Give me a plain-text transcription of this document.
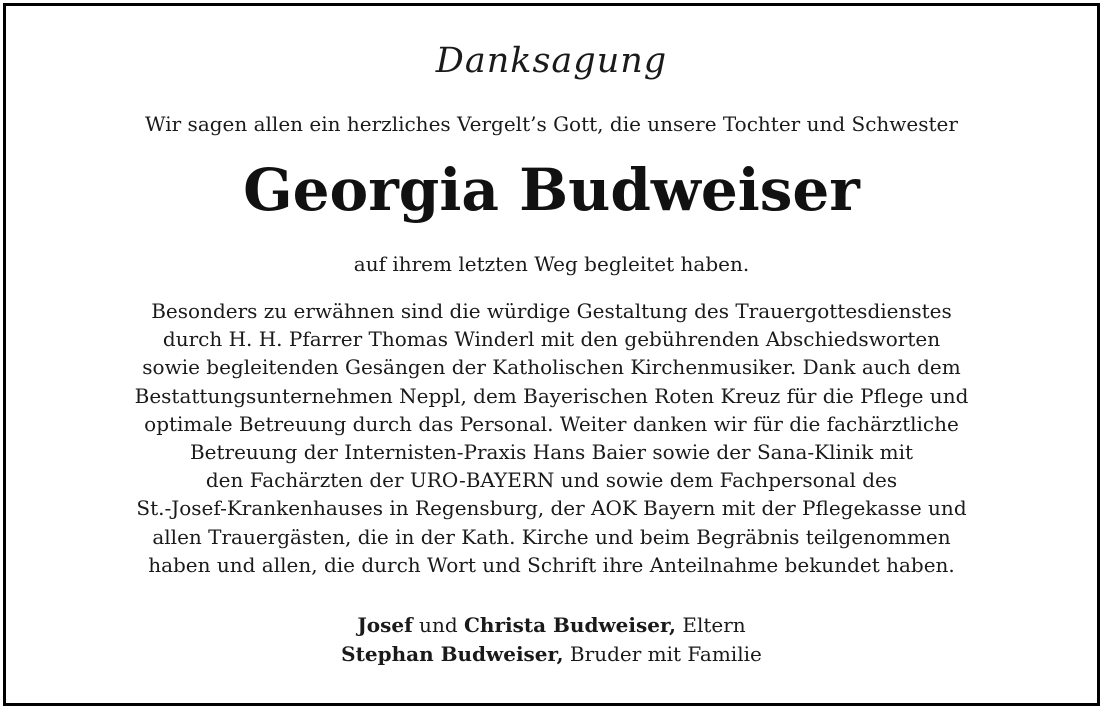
Danksagung
Wir sagen allen ein herzliches Vergelt’s Gott, die unsere Tochter und Schwester
Georgia Budweiser
auf ihrem letzten Weg begleitet haben.
Besonders zu erwähnen sind die würdige Gestaltung des Trauergottesdienstes
durch H. H. Pfarrer Thomas Winderl mit den gebührenden Abschiedsworten
sowie begleitenden Gesängen der Katholischen Kirchenmusiker. Dank auch dem
Bestattungsunternehmen Neppl, dem Bayerischen Roten Kreuz für die Pflege und
optimale Betreuung durch das Personal. Weiter danken wir für die fachärztliche
Betreuung der Internisten-Praxis Hans Baier sowie der Sana-Klinik mit
den Fachärzten der URO-BAYERN und sowie dem Fachpersonal des
St.-Josef-Krankenhauses in Regensburg, der AOK Bayern mit der Pflegekasse und
allen Trauergästen, die in der Kath. Kirche und beim Begräbnis teilgenommen
haben und allen, die durch Wort und Schrift ihre Anteilnahme bekundet haben.
Josef und Christa Budweiser, Eltern
Stephan Budweiser, Bruder mit Familie
